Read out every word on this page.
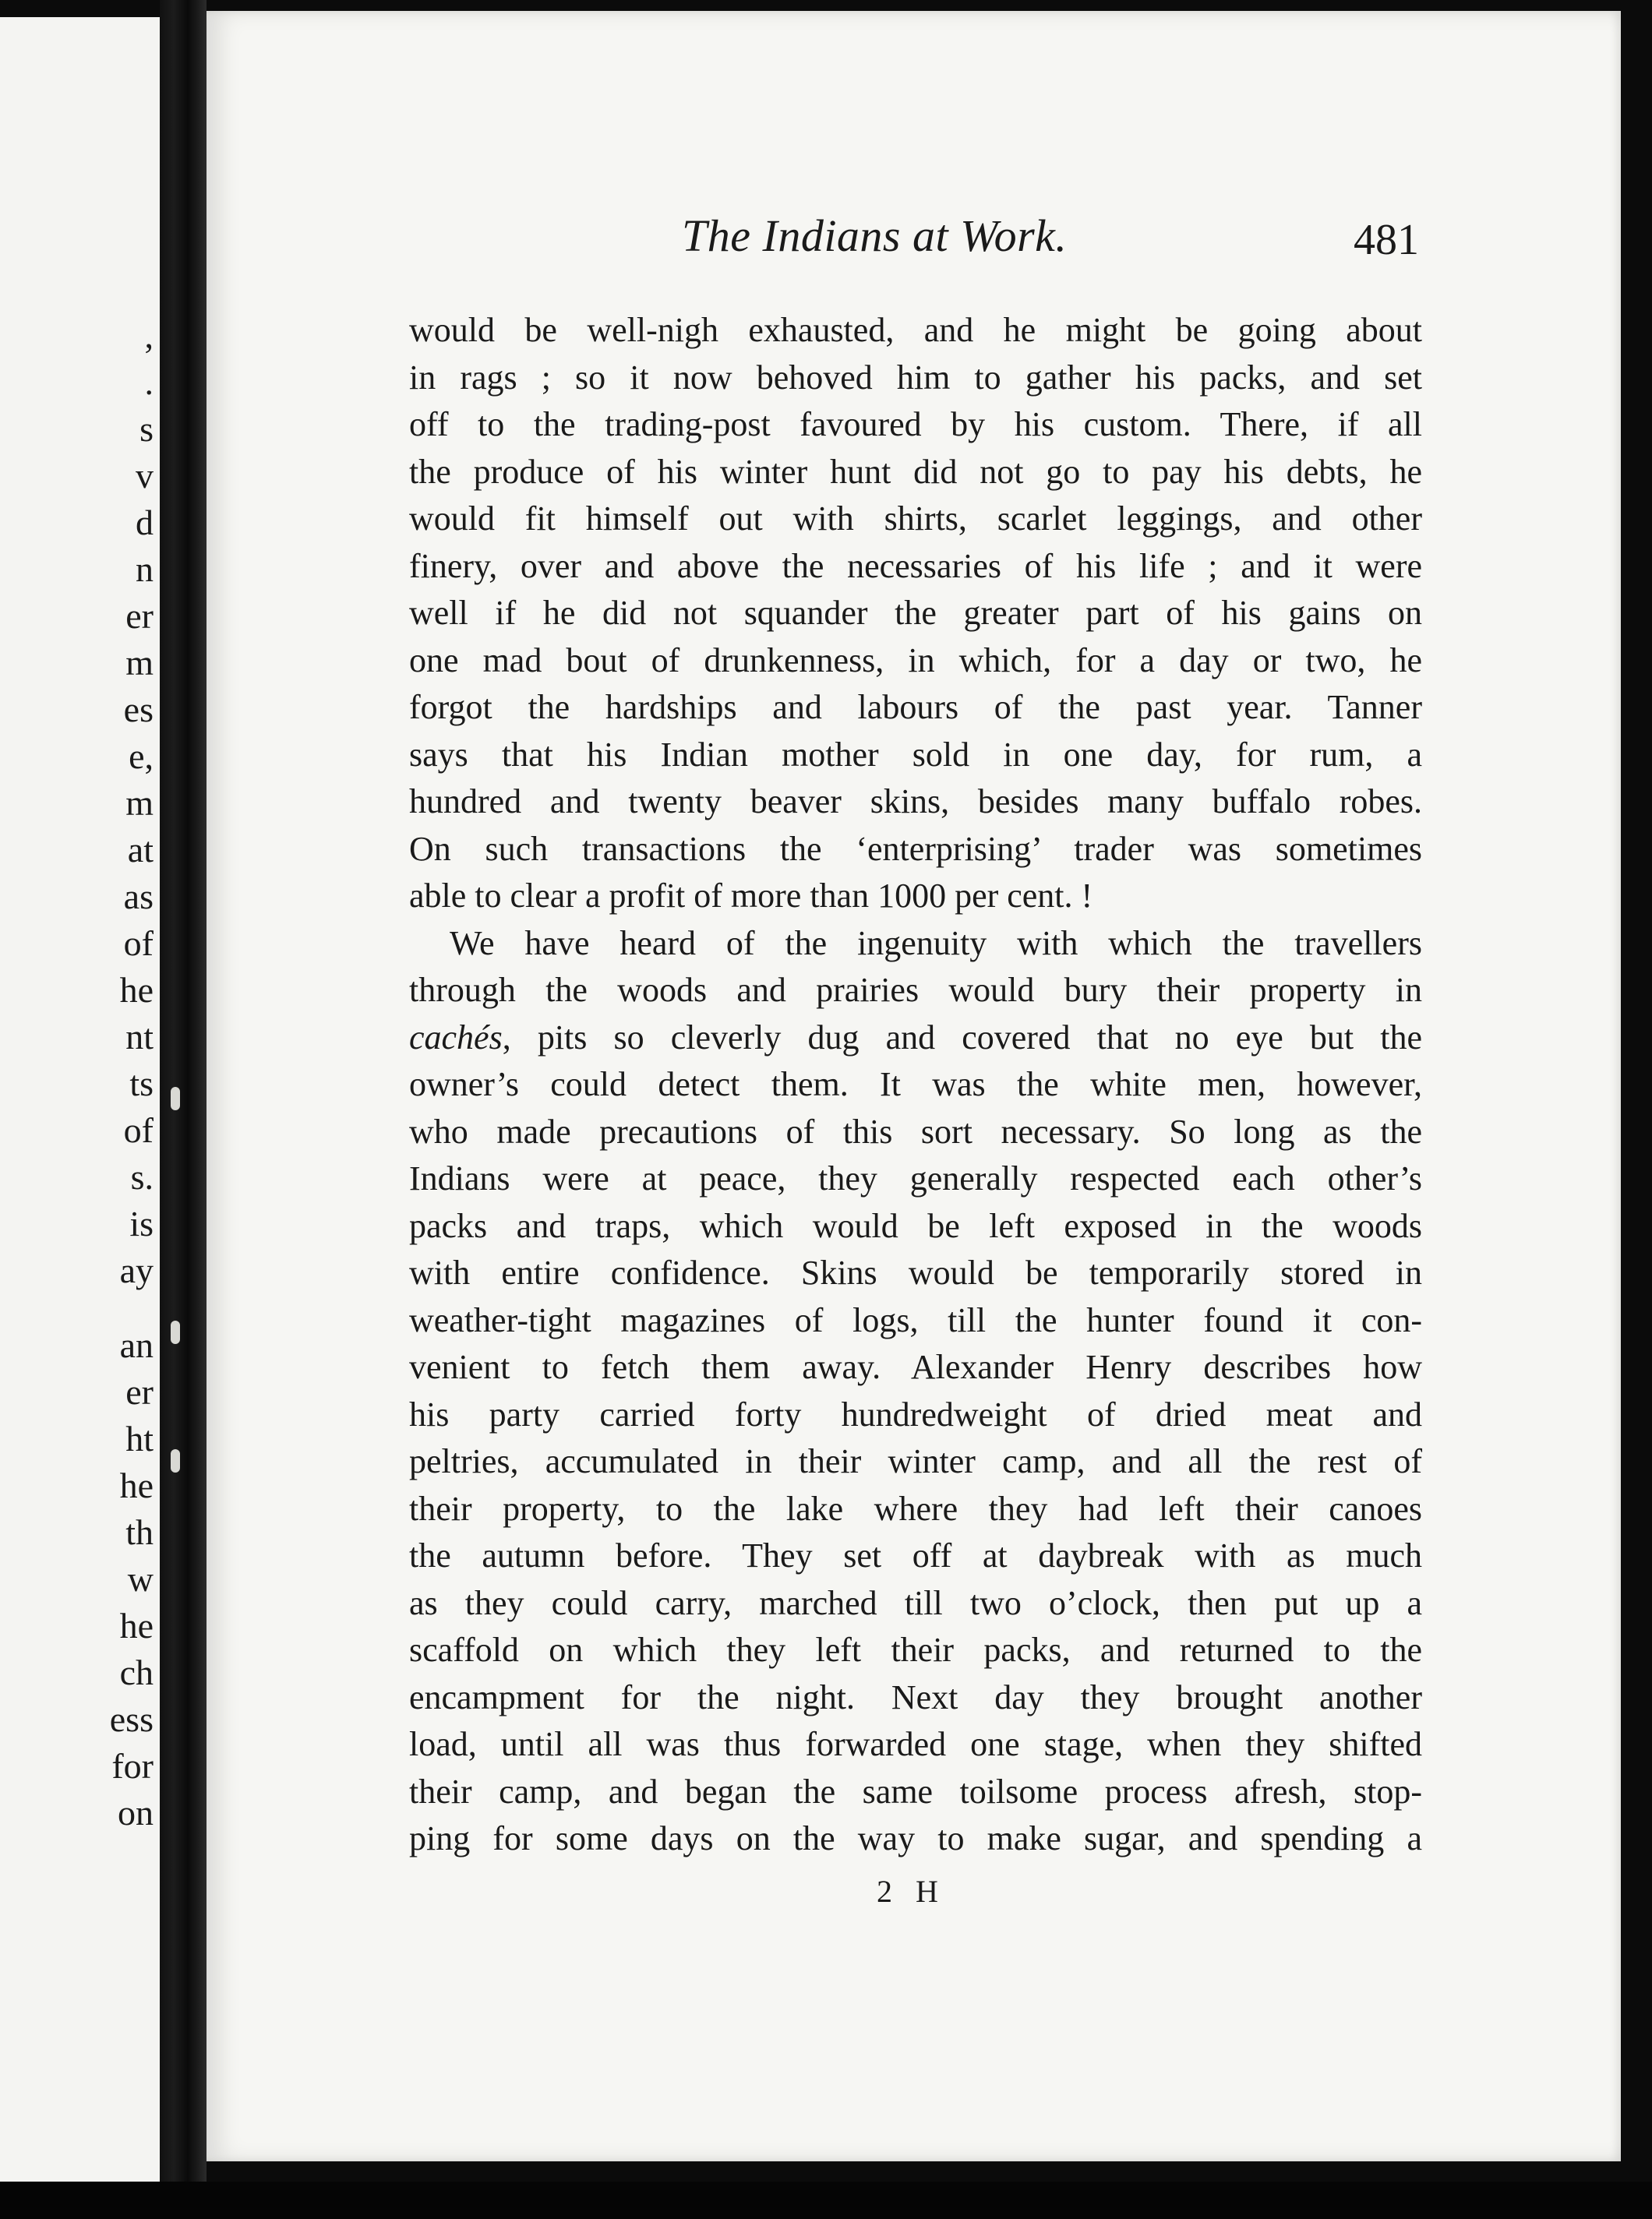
,
.
s
v
d
n
er
m
es
e,
m
at
as
of
he
nt
ts
of
s.
is
ay
an
er
ht
he
th
w
he
ch
ess
for
on
The Indians at Work.	481
would be well-nigh exhausted, and he might be going about
in rags ; so it now behoved him to gather his packs, and set
off to the trading-post favoured by his custom. There, if all
the produce of his winter hunt did not go to pay his debts, he
would fit himself out with shirts, scarlet leggings, and other
finery, over and above the necessaries of his life ; and it were
well if he did not squander the greater part of his gains on
one mad bout of drunkenness, in which, for a day or two, he
forgot the hardships and labours of the past year. Tanner
says that his Indian mother sold in one day, for rum, a
hundred and twenty beaver skins, besides many buffalo robes.
On such transactions the ‘enterprising’ trader was sometimes
able to clear a profit of more than 1000 per cent. !
We have heard of the ingenuity with which the travellers
through the woods and prairies would bury their property in
cachés, pits so cleverly dug and covered that no eye but the
owner’s could detect them. It was the white men, however,
who made precautions of this sort necessary. So long as the
Indians were at peace, they generally respected each other’s
packs and traps, which would be left exposed in the woods
with entire confidence. Skins would be temporarily stored in
weather-tight magazines of logs, till the hunter found it con-
venient to fetch them away. Alexander Henry describes how
his party carried forty hundredweight of dried meat and
peltries, accumulated in their winter camp, and all the rest of
their property, to the lake where they had left their canoes
the autumn before. They set off at daybreak with as much
as they could carry, marched till two o’clock, then put up a
scaffold on which they left their packs, and returned to the
encampment for the night. Next day they brought another
load, until all was thus forwarded one stage, when they shifted
their camp, and began the same toilsome process afresh, stop-
ping for some days on the way to make sugar, and spending a
2 H
